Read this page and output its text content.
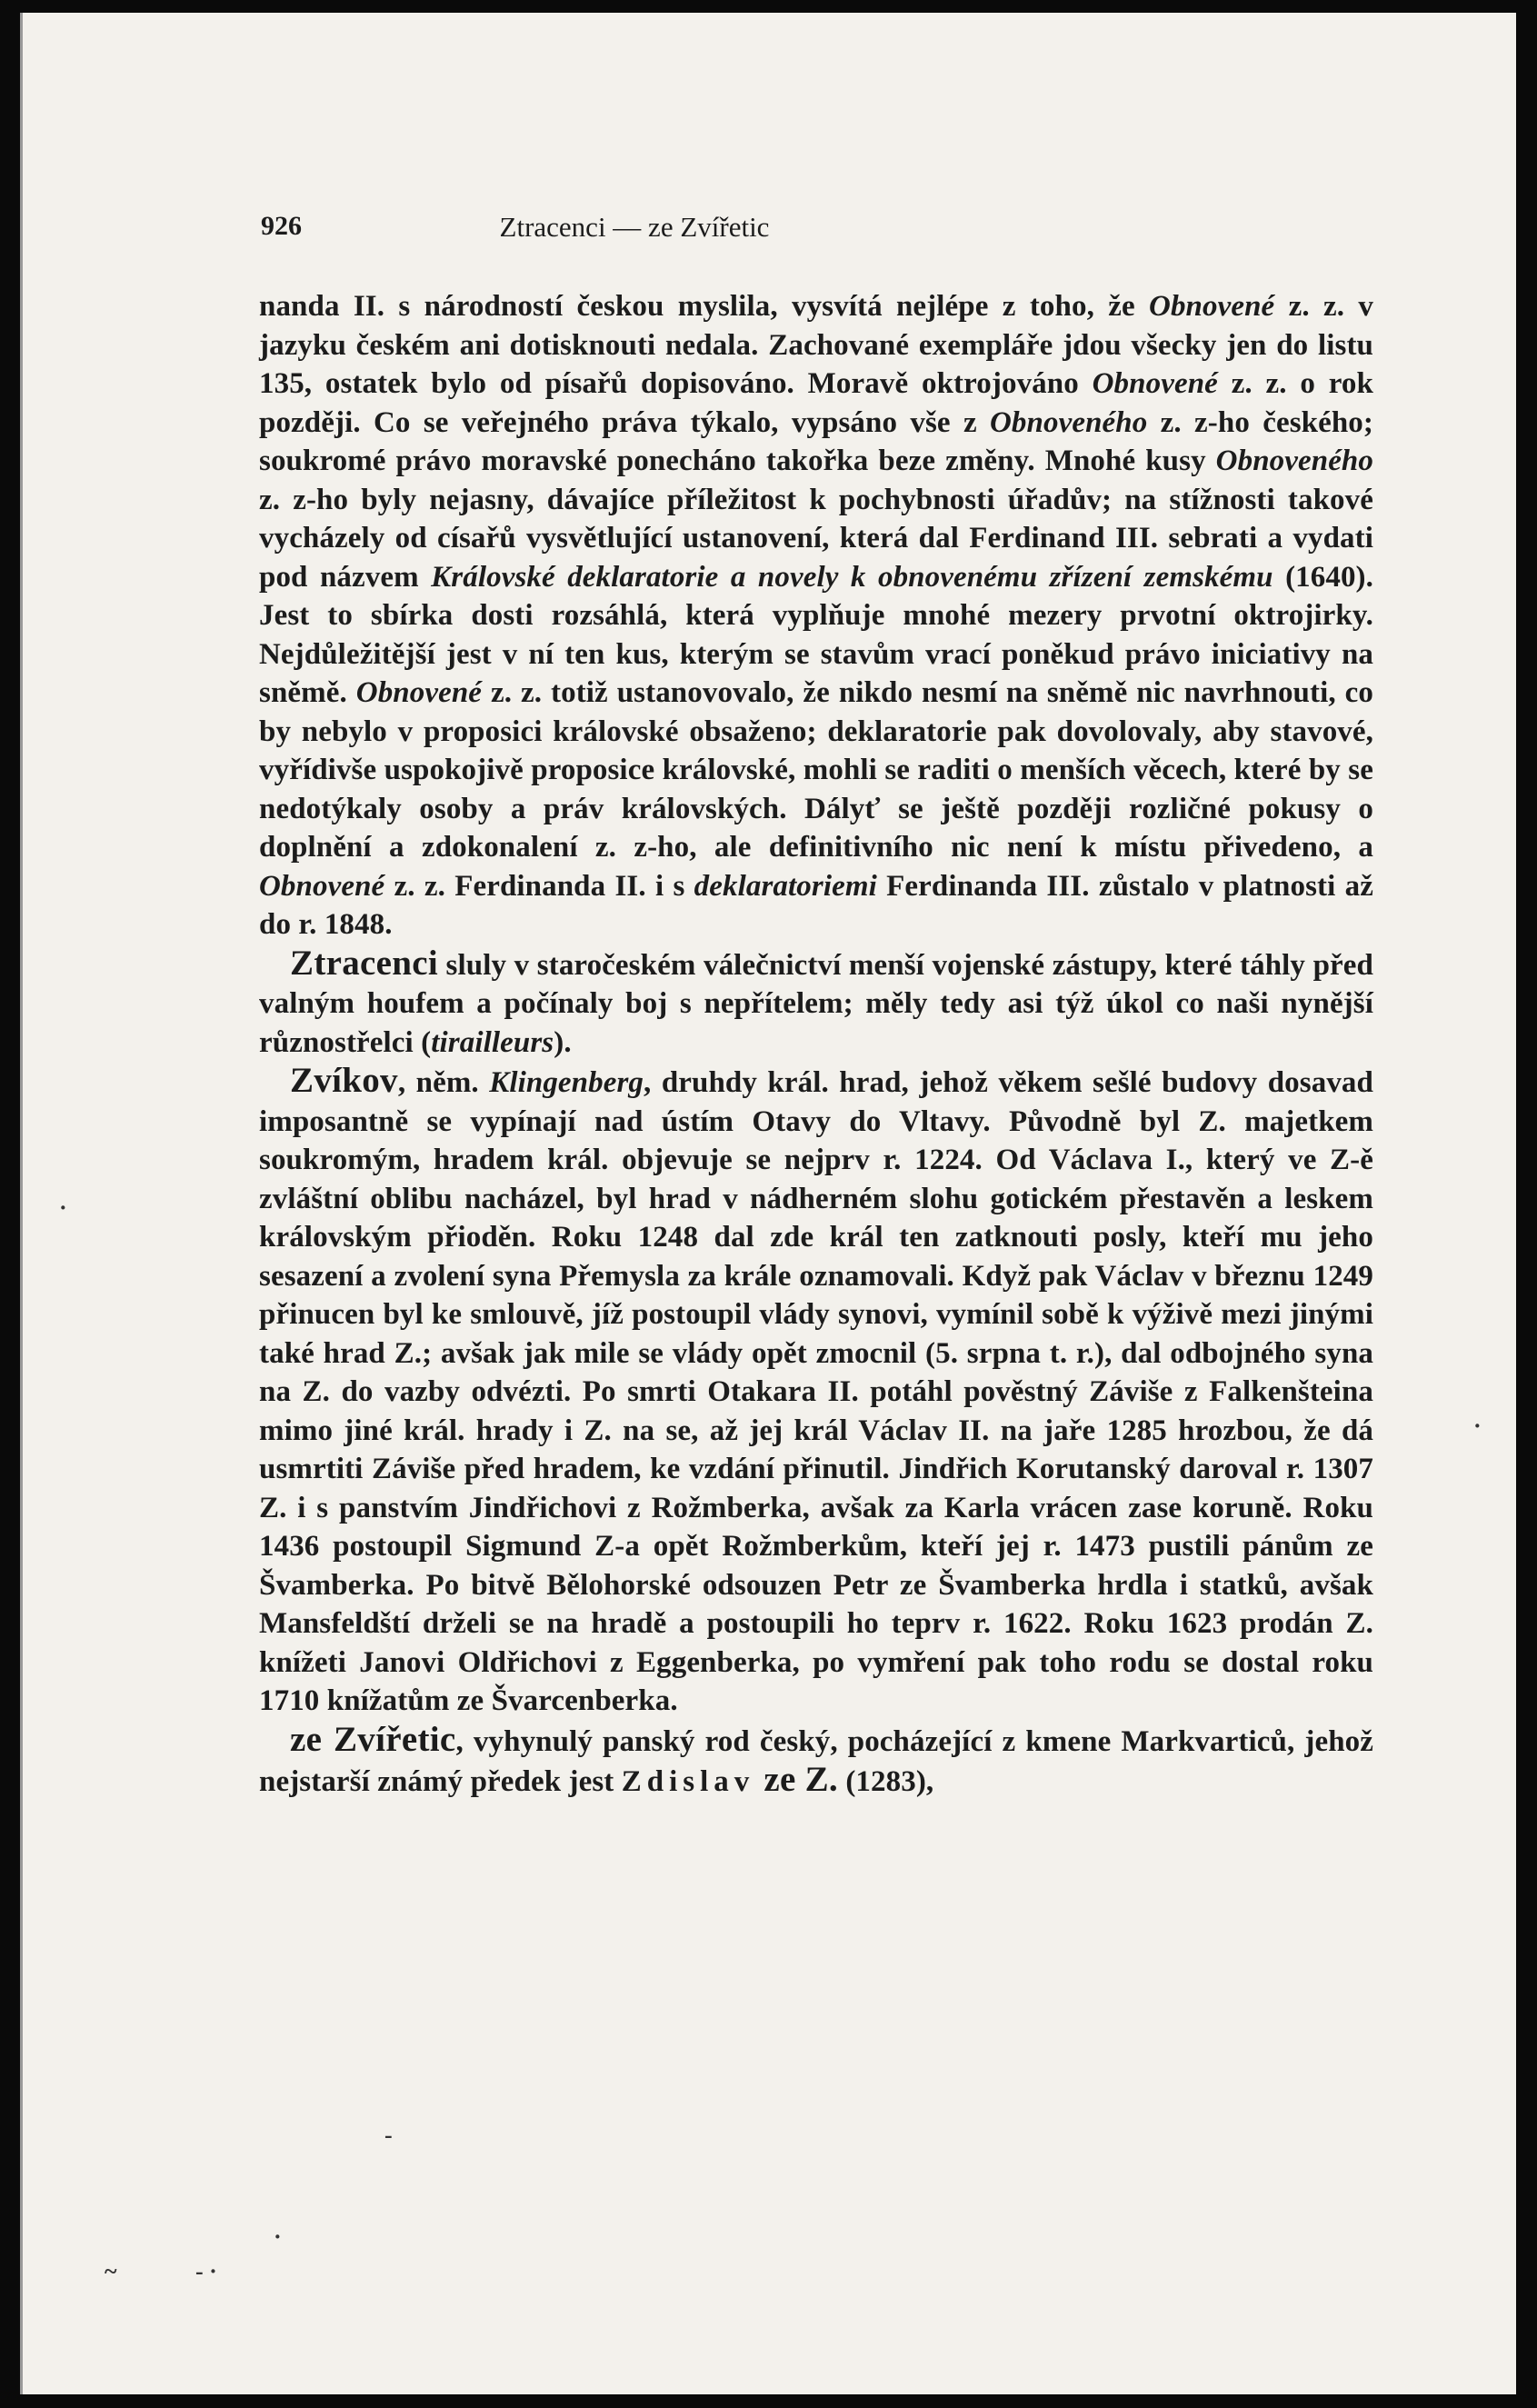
926	Ztracenci — ze Zvířetic

nanda II. s národností českou myslila, vysvítá nejlépe z toho, že Obnovené z. z. v jazyku českém ani dotisknouti nedala. Zachované exempláře jdou všecky jen do listu 135, ostatek bylo od písařů dopisováno. Moravě oktrojováno Obnovené z. z. o rok později. Co se veřejného práva týkalo, vypsáno vše z Obnoveného z. z-ho českého; soukromé právo moravské ponecháno takořka beze změny. Mnohé kusy Obnoveného z. z-ho byly nejasny, dávajíce příležitost k pochybnosti úřadův; na stížnosti takové vycházely od císařů vysvětlující ustanovení, která dal Ferdinand III. sebrati a vydati pod názvem Královské deklaratorie a novely k obnovenému zřízení zemskému (1640). Jest to sbírka dosti rozsáhlá, která vyplňuje mnohé mezery prvotní oktrojirky. Nejdůležitější jest v ní ten kus, kterým se stavům vrací poněkud právo iniciativy na sněmě. Obnovené z. z. totiž ustanovovalo, že nikdo nesmí na sněmě nic navrhnouti, co by nebylo v proposici královské obsaženo; deklaratorie pak dovolovaly, aby stavové, vyřídivše uspokojivě proposice královské, mohli se raditi o menších věcech, které by se nedotýkaly osoby a práv královských. Dályť se ještě později rozličné pokusy o doplnění a zdokonalení z. z-ho, ale definitivního nic není k místu přivedeno, a Obnovené z. z. Ferdinanda II. i s deklaratoriemi Ferdinanda III. zůstalo v platnosti až do r. 1848.

Ztracenci sluly v staročeském válečnictví menší vojenské zástupy, které táhly před valným houfem a počínaly boj s nepřítelem; měly tedy asi týž úkol co naši nynější různostřelci (tirailleurs).

Zvíkov, něm. Klingenberg, druhdy král. hrad, jehož věkem sešlé budovy dosavad imposantně se vypínají nad ústím Otavy do Vltavy. Původně byl Z. majetkem soukromým, hradem král. objevuje se nejprv r. 1224. Od Václava I., který ve Z-ě zvláštní oblibu nacházel, byl hrad v nádherném slohu gotickém přestavěn a leskem královským přioděn. Roku 1248 dal zde král ten zatknouti posly, kteří mu jeho sesazení a zvolení syna Přemysla za krále oznamovali. Když pak Václav v březnu 1249 přinucen byl ke smlouvě, jíž postoupil vlády synovi, vymínil sobě k výživě mezi jinými také hrad Z.; avšak jak mile se vlády opět zmocnil (5. srpna t. r.), dal odbojného syna na Z. do vazby odvézti. Po smrti Otakara II. potáhl pověstný Záviše z Falkenšteina mimo jiné král. hrady i Z. na se, až jej král Václav II. na jaře 1285 hrozbou, že dá usmrtiti Záviše před hradem, ke vzdání přinutil. Jindřich Korutanský daroval r. 1307 Z. i s panstvím Jindřichovi z Rožmberka, avšak za Karla vrácen zase koruně. Roku 1436 postoupil Sigmund Z-a opět Rožmberkům, kteří jej r. 1473 pustili pánům ze Švamberka. Po bitvě Bělohorské odsouzen Petr ze Švamberka hrdla i statků, avšak Mansfeldští drželi se na hradě a postoupili ho teprv r. 1622. Roku 1623 prodán Z. knížeti Janovi Oldřichovi z Eggenberka, po vymření pak toho rodu se dostal roku 1710 knížatům ze Švarcenberka.

ze Zvířetic, vyhynulý panský rod český, pocházející z kmene Markvarticů, jehož nejstarší známý předek jest Zdislav ze Z. (1283),

-
·
~	- ·
·
·
